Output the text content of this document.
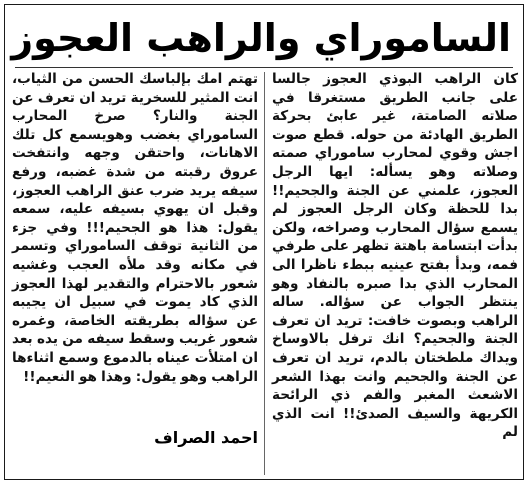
الساموراي والراهب العجوز

كان الراهب البوذي العجوز جالسا على جانب الطريق مستغرقا في صلاته الصامتة، غير عابئ بحركة الطريق الهادئة من حوله. قطع صوت اجش وقوي لمحارب ساموراي صمته وصلاته وهو يسأله: ايها الرجل العجوز، علمني عن الجنة والجحيم!! بدا للحظة وكان الرجل العجوز لم يسمع سؤال المحارب وصراخه، ولكن بدأت ابتسامة باهتة تظهر على طرفي فمه، وبدأ بفتح عينيه ببطء ناظرا الى المحارب الذي بدا صبره بالنفاد وهو ينتظر الجواب عن سؤاله. ساله الراهب وبصوت خافت: تريد ان تعرف الجنة والجحيم؟ انك ترفل بالاوساخ ويداك ملطختان بالدم، تريد ان تعرف عن الجنة والجحيم وانت بهذا الشعر الاشعث المغبر والفم ذي الرائحة الكريهة والسيف الصدئ!! انت الذي لم

تهتم امك بإلباسك الحسن من الثياب، انت المثير للسخرية تريد ان تعرف عن الجنة والنار؟ صرخ المحارب الساموراي بغضب وهويسمع كل تلك الاهانات، واحتقن وجهه وانتفخت عروق رقبته من شدة غضبه، ورفع سيفه يريد ضرب عنق الراهب العجوز، وقبل ان يهوي بسيفه عليه، سمعه يقول: هذا هو الجحيم!!! وفي جزء من الثانية توقف الساموراي وتسمر في مكانه وقد ملأه العجب وغشيه شعور بالاحترام والتقدير لهذا العجوز الذي كاد يموت في سبيل ان يجيبه عن سؤاله بطريقته الخاصة، وغمره شعور غريب وسقط سيفه من يده بعد ان امتلأت عيناه بالدموع وسمع اثناءها الراهب وهو يقول: وهذا هو النعيم!!

احمد الصراف
